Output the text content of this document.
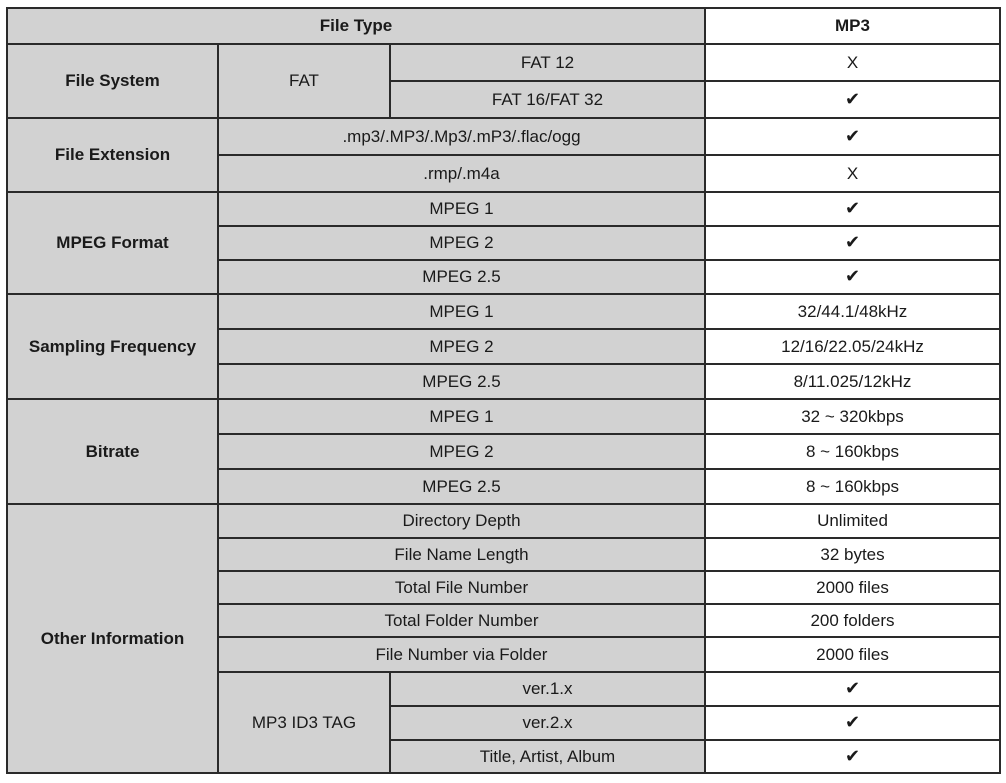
File Type			MP3
File System	FAT	FAT 12	X
		FAT 16/FAT 32	✔
File Extension	.mp3/.MP3/.Mp3/.mP3/.flac/ogg		✔
	.rmp/.m4a		X
MPEG Format	MPEG 1		✔
	MPEG 2		✔
	MPEG 2.5		✔
Sampling Frequency	MPEG 1		32/44.1/48kHz
	MPEG 2		12/16/22.05/24kHz
	MPEG 2.5		8/11.025/12kHz
Bitrate	MPEG 1		32 ~ 320kbps
	MPEG 2		8 ~ 160kbps
	MPEG 2.5		8 ~ 160kbps
Other Information	Directory Depth		Unlimited
	File Name Length		32 bytes
	Total File Number		2000 files
	Total Folder Number		200 folders
	File Number via Folder		2000 files
	MP3 ID3 TAG	ver.1.x	✔
		ver.2.x	✔
		Title, Artist, Album	✔
